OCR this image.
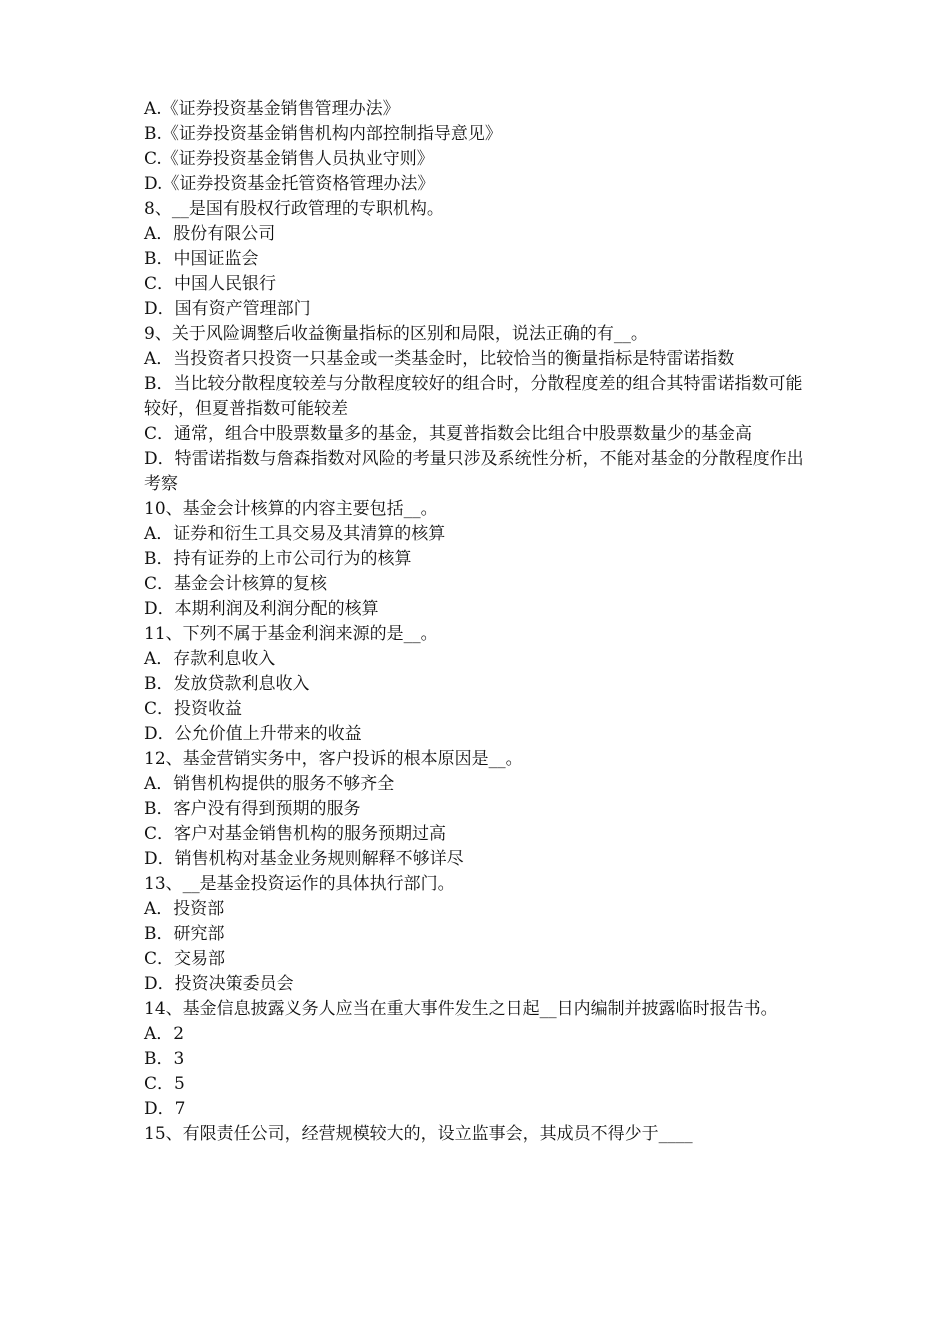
A.《证券投资基金销售管理办法》

B.《证券投资基金销售机构内部控制指导意见》

C.《证券投资基金销售人员执业守则》

D.《证券投资基金托管资格管理办法》

8、__是国有股权行政管理的专职机构。

A．股份有限公司

B．中国证监会

C．中国人民银行

D．国有资产管理部门

9、关于风险调整后收益衡量指标的区别和局限，说法正确的有__。

A．当投资者只投资一只基金或一类基金时，比较恰当的衡量指标是特雷诺指数

B．当比较分散程度较差与分散程度较好的组合时，分散程度差的组合其特雷诺指数可能较好，但夏普指数可能较差

C．通常，组合中股票数量多的基金，其夏普指数会比组合中股票数量少的基金高

D．特雷诺指数与詹森指数对风险的考量只涉及系统性分析，不能对基金的分散程度作出考察

10、基金会计核算的内容主要包括__。

A．证券和衍生工具交易及其清算的核算

B．持有证券的上市公司行为的核算

C．基金会计核算的复核

D．本期利润及利润分配的核算

11、下列不属于基金利润来源的是__。

A．存款利息收入

B．发放贷款利息收入

C．投资收益

D．公允价值上升带来的收益

12、基金营销实务中，客户投诉的根本原因是__。

A．销售机构提供的服务不够齐全

B．客户没有得到预期的服务

C．客户对基金销售机构的服务预期过高

D．销售机构对基金业务规则解释不够详尽

13、__是基金投资运作的具体执行部门。

A．投资部

B．研究部

C．交易部

D．投资决策委员会

14、基金信息披露义务人应当在重大事件发生之日起__日内编制并披露临时报告书。

A．2

B．3

C．5

D．7

15、有限责任公司，经营规模较大的，设立监事会，其成员不得少于____
